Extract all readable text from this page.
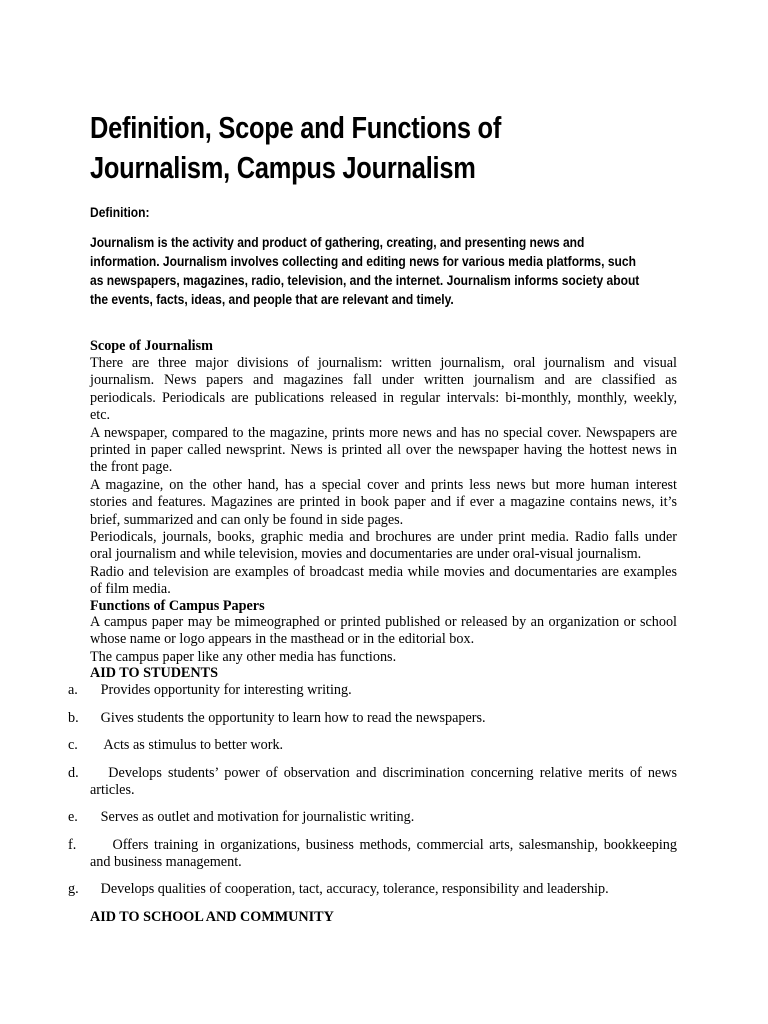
Definition, Scope and Functions of
Journalism, Campus Journalism

Definition:

Journalism is the activity and product of gathering, creating, and presenting news and
information. Journalism involves collecting and editing news for various media platforms, such
as newspapers, magazines, radio, television, and the internet. Journalism informs society about
the events, facts, ideas, and people that are relevant and timely.

Scope of Journalism

There are three major divisions of journalism: written journalism, oral journalism and visual
journalism. News papers and magazines fall under written journalism and are classified as
periodicals. Periodicals are publications released in regular intervals: bi-monthly, monthly, weekly,
etc.
A newspaper, compared to the magazine, prints more news and has no special cover. Newspapers are
printed in paper called newsprint. News is printed all over the newspaper having the hottest news in
the front page.
A magazine, on the other hand, has a special cover and prints less news but more human interest
stories and features. Magazines are printed in book paper and if ever a magazine contains news, it’s
brief, summarized and can only be found in side pages.
Periodicals, journals, books, graphic media and brochures are under print media. Radio falls under
oral journalism and while television, movies and documentaries are under oral-visual journalism.
Radio and television are examples of broadcast media while movies and documentaries are examples
of film media.

Functions of Campus Papers

A campus paper may be mimeographed or printed published or released by an organization or school
whose name or logo appears in the masthead or in the editorial box.
The campus paper like any other media has functions.

AID TO STUDENTS

a. Provides opportunity for interesting writing.
b. Gives students the opportunity to learn how to read the newspapers.
c. Acts as stimulus to better work.
d. Develops students’ power of observation and discrimination concerning relative merits of news
articles.
e. Serves as outlet and motivation for journalistic writing.
f. Offers training in organizations, business methods, commercial arts, salesmanship, bookkeeping
and business management.
g. Develops qualities of cooperation, tact, accuracy, tolerance, responsibility and leadership.

AID TO SCHOOL AND COMMUNITY
